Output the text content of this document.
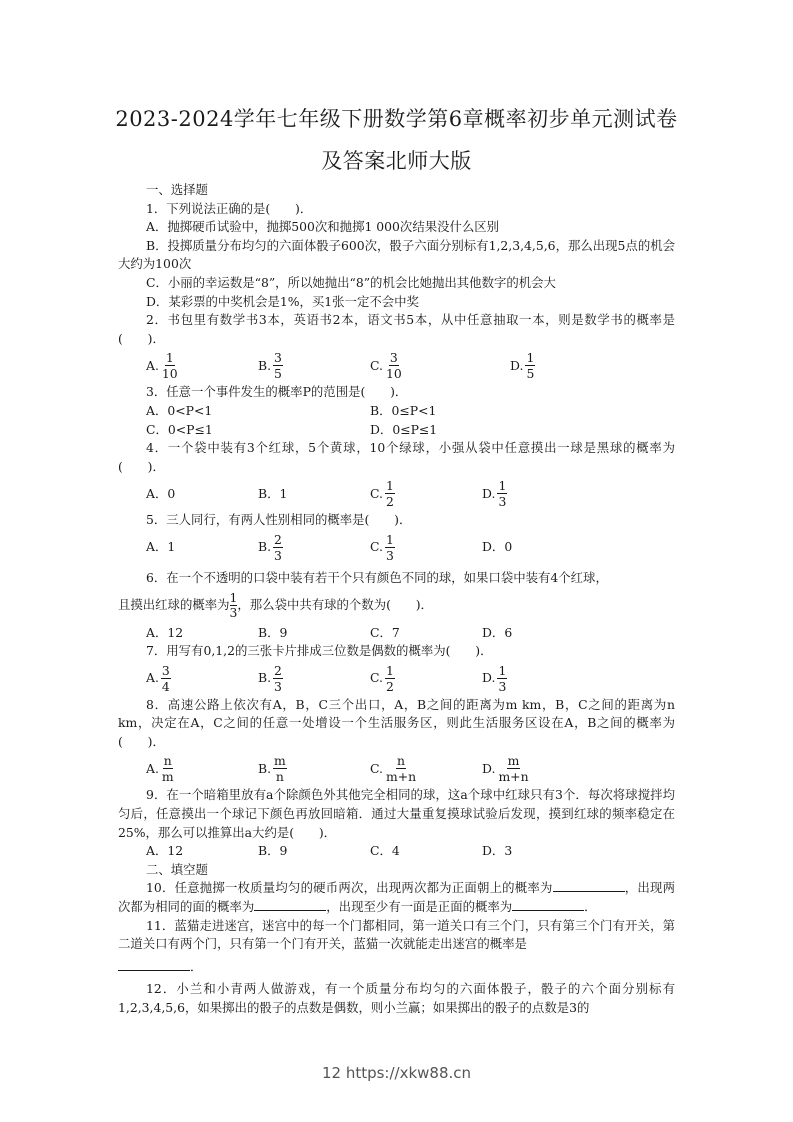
2023-2024学年七年级下册数学第6章概率初步单元测试卷
及答案北师大版

一、选择题

1．下列说法正确的是(　　)．

A．抛掷硬币试验中，抛掷500次和抛掷1 000次结果没什么区别

B．投掷质量分布均匀的六面体骰子600次，骰子六面分别标有1,2,3,4,5,6，那么出现5点的机会大约为100次

C．小丽的幸运数是“8”，所以她抛出“8”的机会比她抛出其他数字的机会大

D．某彩票的中奖机会是1%，买1张一定不会中奖

2．书包里有数学书3本，英语书2本，语文书5本，从中任意抽取一本，则是数学书的概率是(　　)．

A. $\frac{1}{10}$	B. $\frac{3}{5}$	C. $\frac{3}{10}$	D. $\frac{1}{5}$

3．任意一个事件发生的概率P的范围是(　　)．

A．0<P<1	B．0≤P<1
C．0<P≤1	D．0≤P≤1

4．一个袋中装有3个红球，5个黄球，10个绿球，小强从袋中任意摸出一球是黑球的概率为(　　)．

A．0	B．1	C. $\frac{1}{2}$	D. $\frac{1}{3}$

5．三人同行，有两人性别相同的概率是(　　)．

A．1	B. $\frac{2}{3}$	C. $\frac{1}{3}$	D．0

6．在一个不透明的口袋中装有若干个只有颜色不同的球，如果口袋中装有4个红球，

且摸出红球的概率为 $\frac{1}{3}$ ，那么袋中共有球的个数为(　　)．
A．12	B．9	C．7	D．6

7．用写有0,1,2的三张卡片排成三位数是偶数的概率为(　　)．

A. $\frac{3}{4}$	B. $\frac{2}{3}$	C. $\frac{1}{2}$	D. $\frac{1}{3}$

8．高速公路上依次有A，B，C三个出口，A，B之间的距离为m km，B，C之间的距离为n km，决定在A，C之间的任意一处增设一个生活服务区，则此生活服务区设在A，B之间的概率为(　　)．

A. $\frac{n}{m}$	B. $\frac{m}{n}$	C. $\frac{n}{m+n}$	D. $\frac{m}{m+n}$

9．在一个暗箱里放有a个除颜色外其他完全相同的球，这a个球中红球只有3个．每次将球搅拌均匀后，任意摸出一个球记下颜色再放回暗箱．通过大量重复摸球试验后发现，摸到红球的频率稳定在25%，那么可以推算出a大约是(　　)．

A．12	B．9	C．4	D．3

二、填空题

10．任意抛掷一枚质量均匀的硬币两次，出现两次都为正面朝上的概率为	，出现两次都为相同的面的概率为	，出现至少有一面是正面的概率为	．

11．蓝猫走进迷宫，迷宫中的每一个门都相同，第一道关口有三个门，只有第三个门有开关，第二道关口有两个门，只有第一个门有开关，蓝猫一次就能走出迷宫的概率是

．

12．小兰和小青两人做游戏，有一个质量分布均匀的六面体骰子，骰子的六个面分别标有1,2,3,4,5,6，如果掷出的骰子的点数是偶数，则小兰赢；如果掷出的骰子的点数是3的

12 https://xkw88.cn
